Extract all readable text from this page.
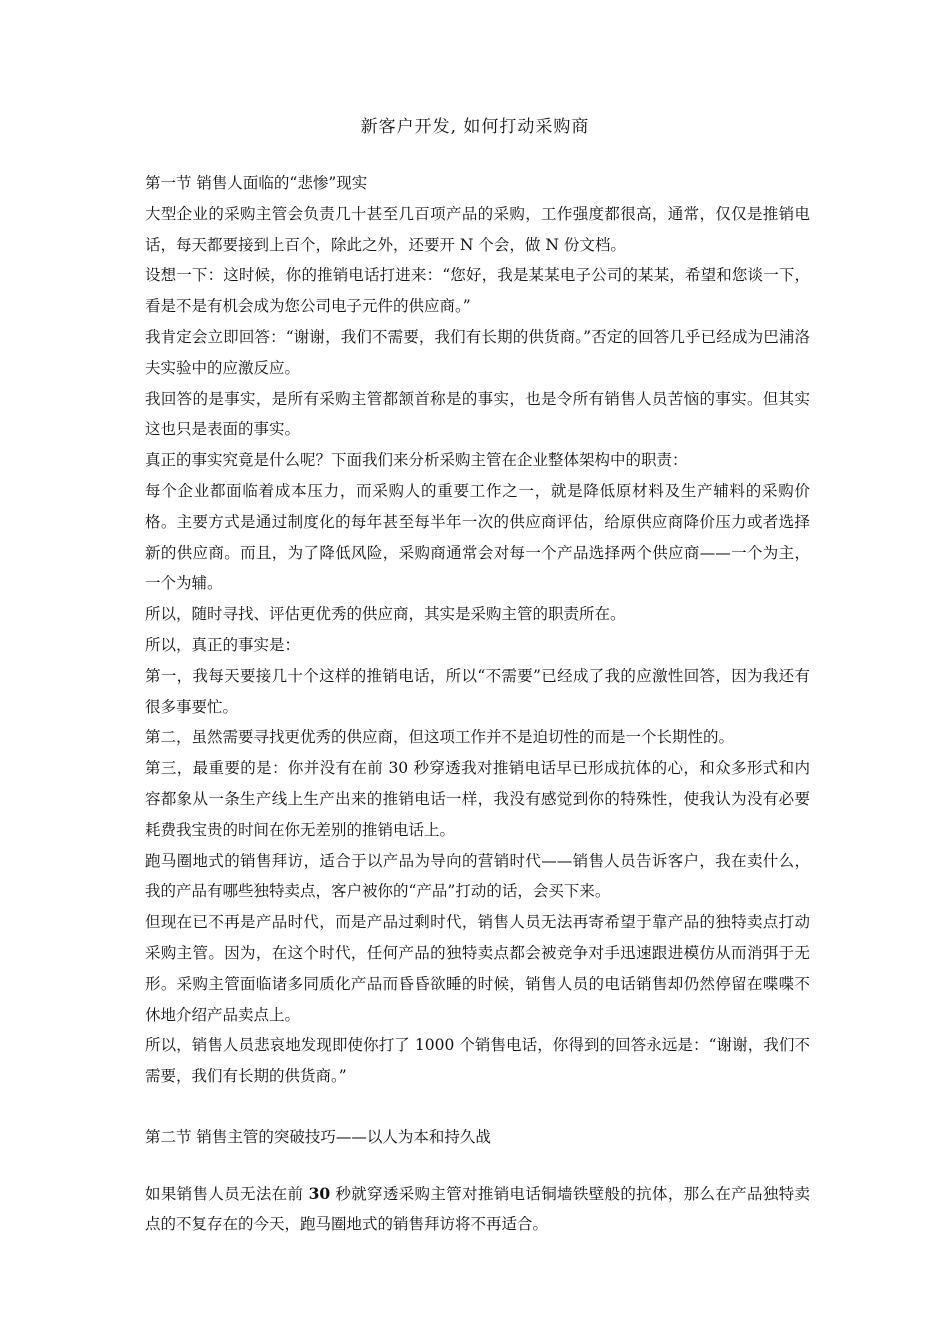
新客户开发, 如何打动采购商

第一节 销售人面临的“悲惨”现实

大型企业的采购主管会负责几十甚至几百项产品的采购，工作强度都很高，通常，仅仅是推销电话，每天都要接到上百个，除此之外，还要开 N 个会，做 N 份文档。

设想一下：这时候，你的推销电话打进来：“您好，我是某某电子公司的某某，希望和您谈一下，看是不是有机会成为您公司电子元件的供应商。”

我肯定会立即回答：“谢谢，我们不需要，我们有长期的供货商。”否定的回答几乎已经成为巴浦洛夫实验中的应激反应。

我回答的是事实，是所有采购主管都颔首称是的事实，也是令所有销售人员苦恼的事实。但其实这也只是表面的事实。

真正的事实究竟是什么呢？下面我们来分析采购主管在企业整体架构中的职责：

每个企业都面临着成本压力，而采购人的重要工作之一，就是降低原材料及生产辅料的采购价格。主要方式是通过制度化的每年甚至每半年一次的供应商评估，给原供应商降价压力或者选择新的供应商。而且，为了降低风险，采购商通常会对每一个产品选择两个供应商——一个为主，一个为辅。

所以，随时寻找、评估更优秀的供应商，其实是采购主管的职责所在。

所以，真正的事实是：

第一，我每天要接几十个这样的推销电话，所以“不需要”已经成了我的应激性回答，因为我还有很多事要忙。

第二，虽然需要寻找更优秀的供应商，但这项工作并不是迫切性的而是一个长期性的。

第三，最重要的是：你并没有在前 30 秒穿透我对推销电话早已形成抗体的心，和众多形式和内容都象从一条生产线上生产出来的推销电话一样，我没有感觉到你的特殊性，使我认为没有必要耗费我宝贵的时间在你无差别的推销电话上。

跑马圈地式的销售拜访，适合于以产品为导向的营销时代——销售人员告诉客户，我在卖什么，我的产品有哪些独特卖点，客户被你的“产品”打动的话，会买下来。

但现在已不再是产品时代，而是产品过剩时代，销售人员无法再寄希望于靠产品的独特卖点打动采购主管。因为，在这个时代，任何产品的独特卖点都会被竞争对手迅速跟进模仿从而消弭于无形。采购主管面临诸多同质化产品而昏昏欲睡的时候，销售人员的电话销售却仍然停留在喋喋不休地介绍产品卖点上。

所以，销售人员悲哀地发现即使你打了 1000 个销售电话，你得到的回答永远是：“谢谢，我们不需要，我们有长期的供货商。”

第二节 销售主管的突破技巧——以人为本和持久战

如果销售人员无法在前 30 秒就穿透采购主管对推销电话铜墙铁壁般的抗体，那么在产品独特卖点的不复存在的今天，跑马圈地式的销售拜访将不再适合。
